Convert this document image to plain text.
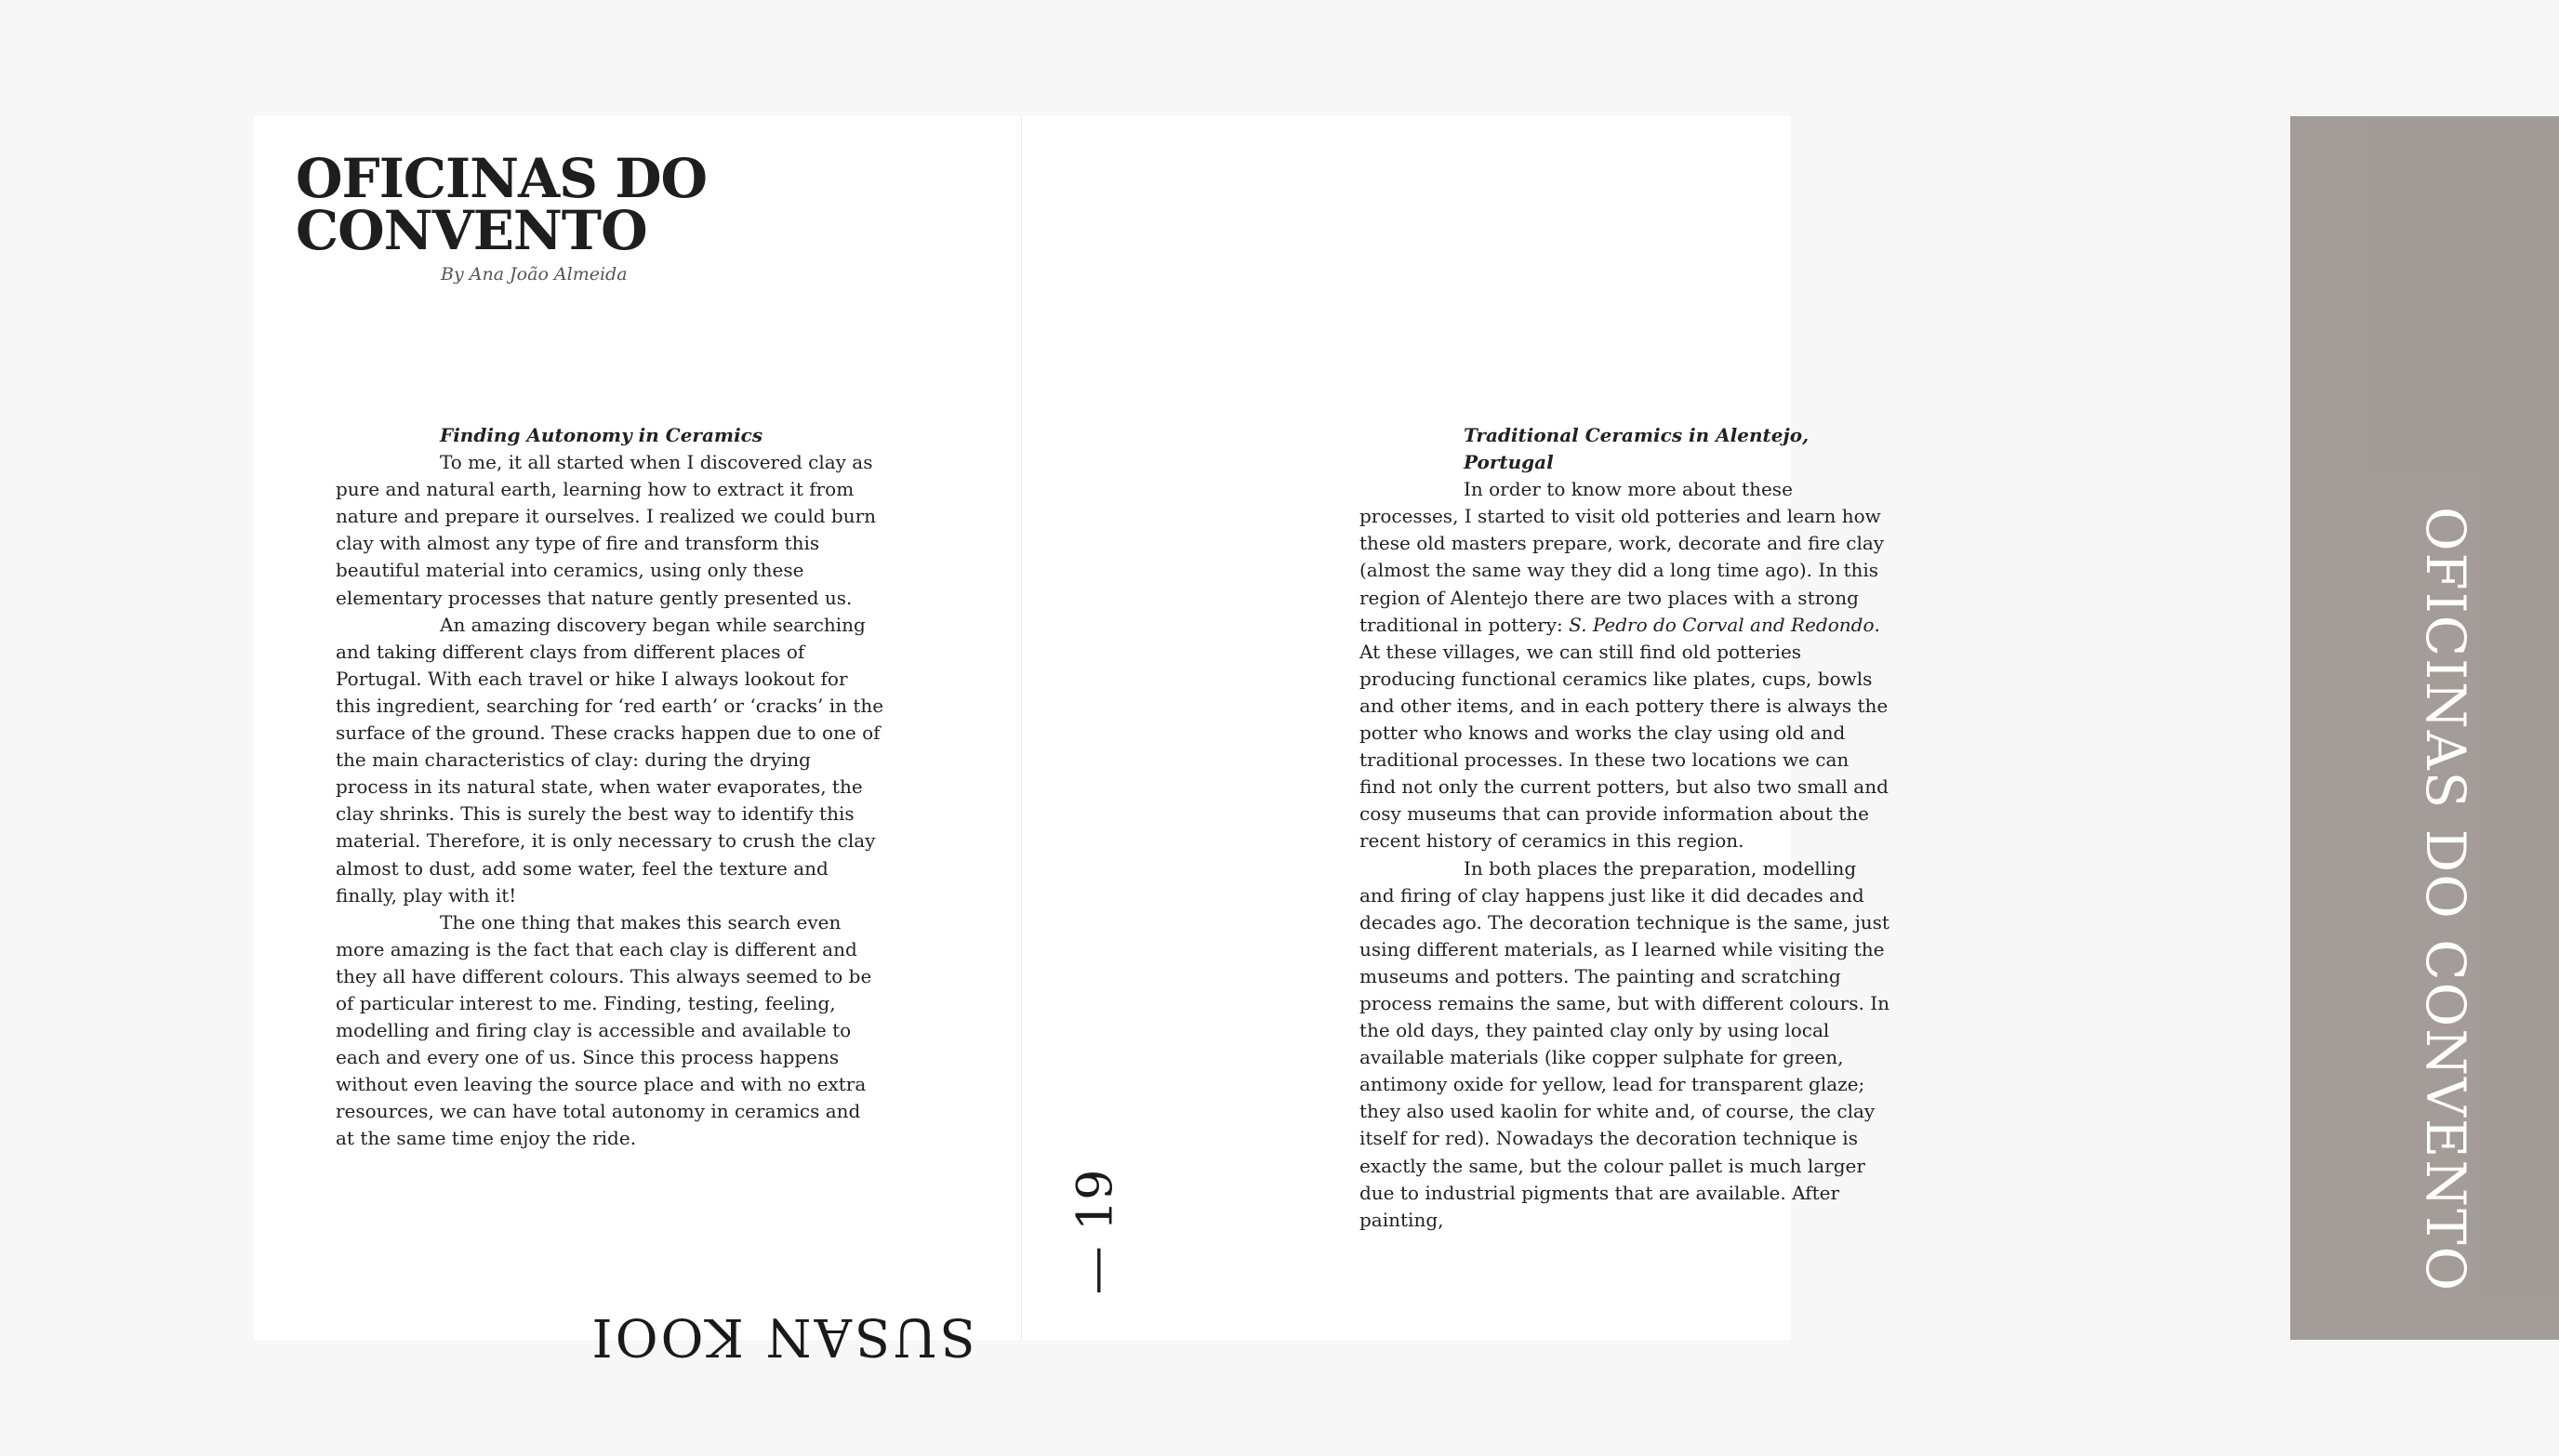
OFICINAS DO
CONVENTO
By Ana João Almeida

Finding Autonomy in Ceramics

To me, it all started when I discovered clay as pure and natural earth, learning how to extract it from nature and prepare it ourselves. I realized we could burn clay with almost any type of fire and transform this beautiful material into ceramics, using only these elementary processes that nature gently presented us.

An amazing discovery began while searching and taking different clays from different places of Portugal. With each travel or hike I always lookout for this ingredient, searching for ‘red earth’ or ‘cracks’ in the surface of the ground. These cracks happen due to one of the main characteristics of clay: during the drying process in its natural state, when water evaporates, the clay shrinks. This is surely the best way to identify this material. Therefore, it is only necessary to crush the clay almost to dust, add some water, feel the texture and finally, play with it!

The one thing that makes this search even more amazing is the fact that each clay is different and they all have different colours. This always seemed to be of particular interest to me. Finding, testing, feeling, modelling and firing clay is accessible and available to each and every one of us. Since this process happens without even leaving the source place and with no extra resources, we can have total autonomy in ceramics and at the same time enjoy the ride.

SUSAN KOOI
OFICINAS DO CONVENTO

Traditional Ceramics in Alentejo, Portugal

In order to know more about these processes, I started to visit old potteries and learn how these old masters prepare, work, decorate and fire clay (almost the same way they did a long time ago). In this region of Alentejo there are two places with a strong traditional in pottery: S. Pedro do Corval and Redondo. At these villages, we can still find old potteries producing functional ceramics like plates, cups, bowls and other items, and in each pottery there is always the potter who knows and works the clay using old and traditional processes. In these two locations we can find not only the current potters, but also two small and cosy museums that can provide information about the recent history of ceramics in this region.

In both places the preparation, modelling and firing of clay happens just like it did decades and decades ago. The decoration technique is the same, just using different materials, as I learned while visiting the museums and potters. The painting and scratching process remains the same, but with different colours. In the old days, they painted clay only by using local available materials (like copper sulphate for green, antimony oxide for yellow, lead for transparent glaze; they also used kaolin for white and, of course, the clay itself for red). Nowadays the decoration technique is exactly the same, but the colour pallet is much larger due to industrial pigments that are available. After painting,

— 19
